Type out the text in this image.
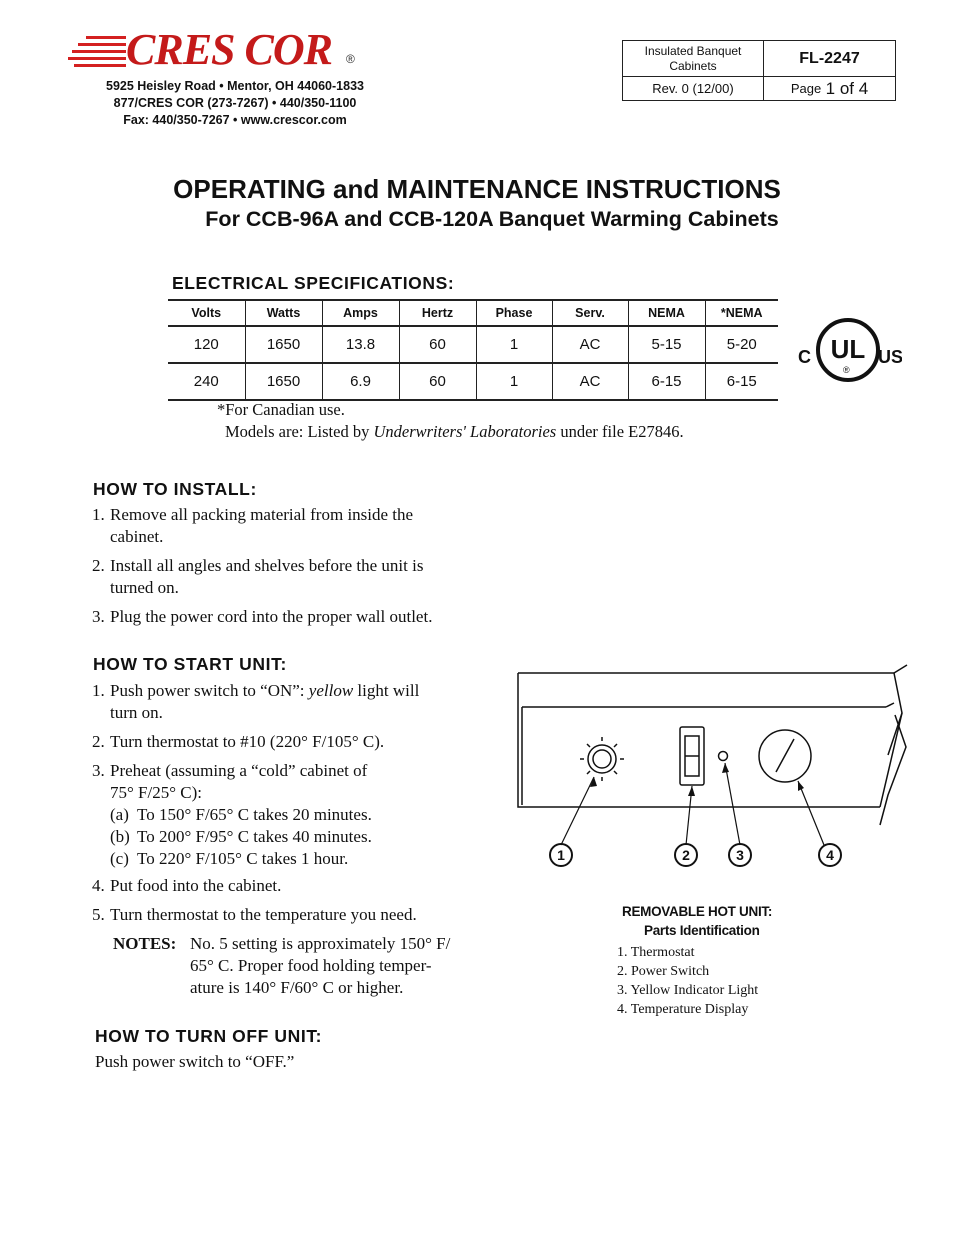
CRES COR ®
5925 Heisley Road • Mentor, OH 44060-1833
877/CRES COR (273-7267) • 440/350-1100
Fax: 440/350-7267 • www.crescor.com
Insulated Banquet Cabinets	FL-2247
Rev. 0 (12/00)	Page
1 of 4
OPERATING and MAINTENANCE INSTRUCTIONS
For CCB-96A and CCB-120A Banquet Warming Cabinets
ELECTRICAL SPECIFICATIONS:
Volts	Watts	Amps	Hertz	Phase	Serv.	NEMA	*NEMA
120	1650	13.8	60	1	AC	5-15	5-20
240	1650	6.9	60	1	AC	6-15	6-15
C UL
®
US
*For Canadian use.
Models are: Listed by Underwriters' Laboratories under file E27846.
HOW TO INSTALL:
1. Remove all packing material from inside the
cabinet.
2. Install all angles and shelves before the unit is
turned on.
3. Plug the power cord into the proper wall outlet.
HOW TO START UNIT:
1. Push power switch to “ON”: yellow light will
turn on.
2. Turn thermostat to #10 (220° F/105° C).
3. Preheat (assuming a “cold” cabinet of
75° F/25° C):
(a) To 150° F/65° C takes 20 minutes.
(b) To 200° F/95° C takes 40 minutes.
(c) To 220° F/105° C takes 1 hour.
4. Put food into the cabinet.
5. Turn thermostat to the temperature you need.
NOTES: No. 5 setting is approximately 150° F/
65° C. Proper food holding temper-
ature is 140° F/60° C or higher.
HOW TO TURN OFF UNIT:
Push power switch to “OFF.”
1	2	3	4
REMOVABLE HOT UNIT:
Parts Identification
1. Thermostat
2. Power Switch
3. Yellow Indicator Light
4. Temperature Display
